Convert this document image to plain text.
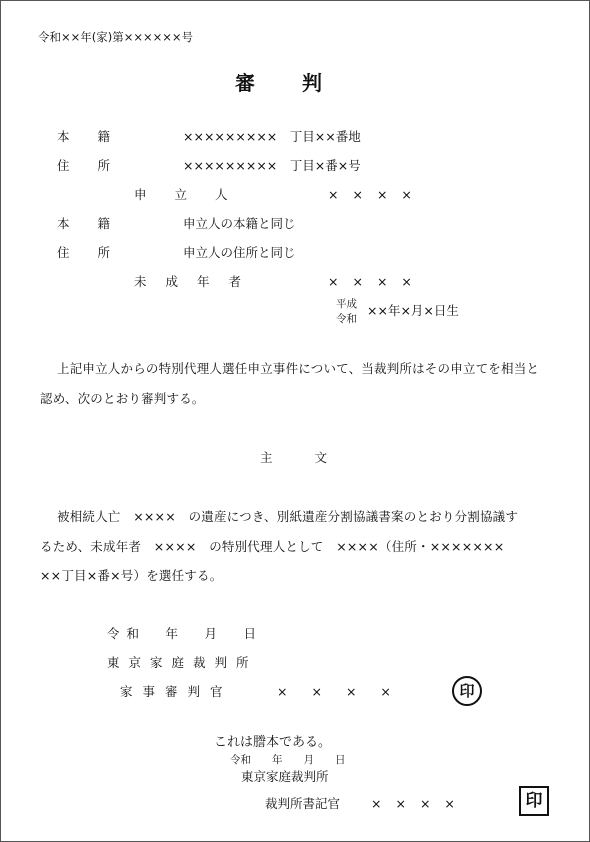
令和××年(家)第××××××号
審判
本籍	×××××××××　丁目××番地
住所	×××××××××　丁目×番×号
申立人	××××
本籍	申立人の本籍と同じ
住所	申立人の住所と同じ
未成年者	××××
平成
令和
××年×月×日生
上記申立人からの特別代理人選任申立事件について、当裁判所はその申立てを相当と
認め、次のとおり審判する。
主文
被相続人亡　××××　の遺産につき、別紙遺産分割協議書案のとおり分割協議す
るため、未成年者　××××　の特別代理人として　××××（住所・×××××××
××丁目×番×号）を選任する。
令和　年　月　日
東京家庭裁判所
家事審判官	××××	印
これは謄本である。
令和　　年　　月　　日
東京家庭裁判所
裁判所書記官 ××××	印
